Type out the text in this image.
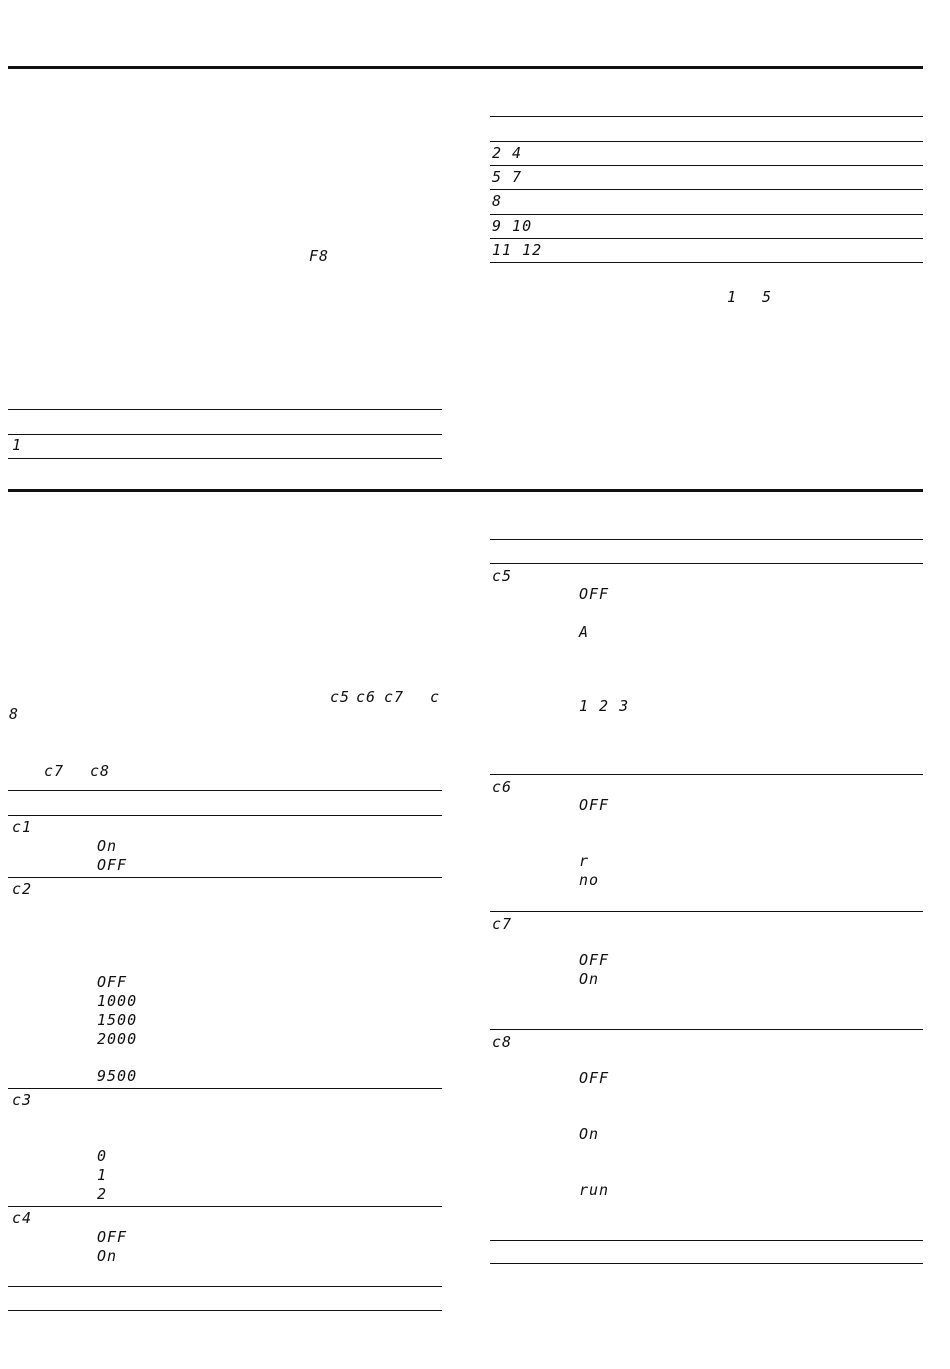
F8
1
2 4
5 7
8
9 10
11 12
1 5
c5 c6 c7 c
8
c7 c8
c1
On
OFF
c2
OFF
1000
1500
2000
9500
c3
0
1
2
c4
OFF
On
c5
OFF
A
1 2 3
c6
OFF
r
no
c7
OFF
On
c8
OFF
On
run
